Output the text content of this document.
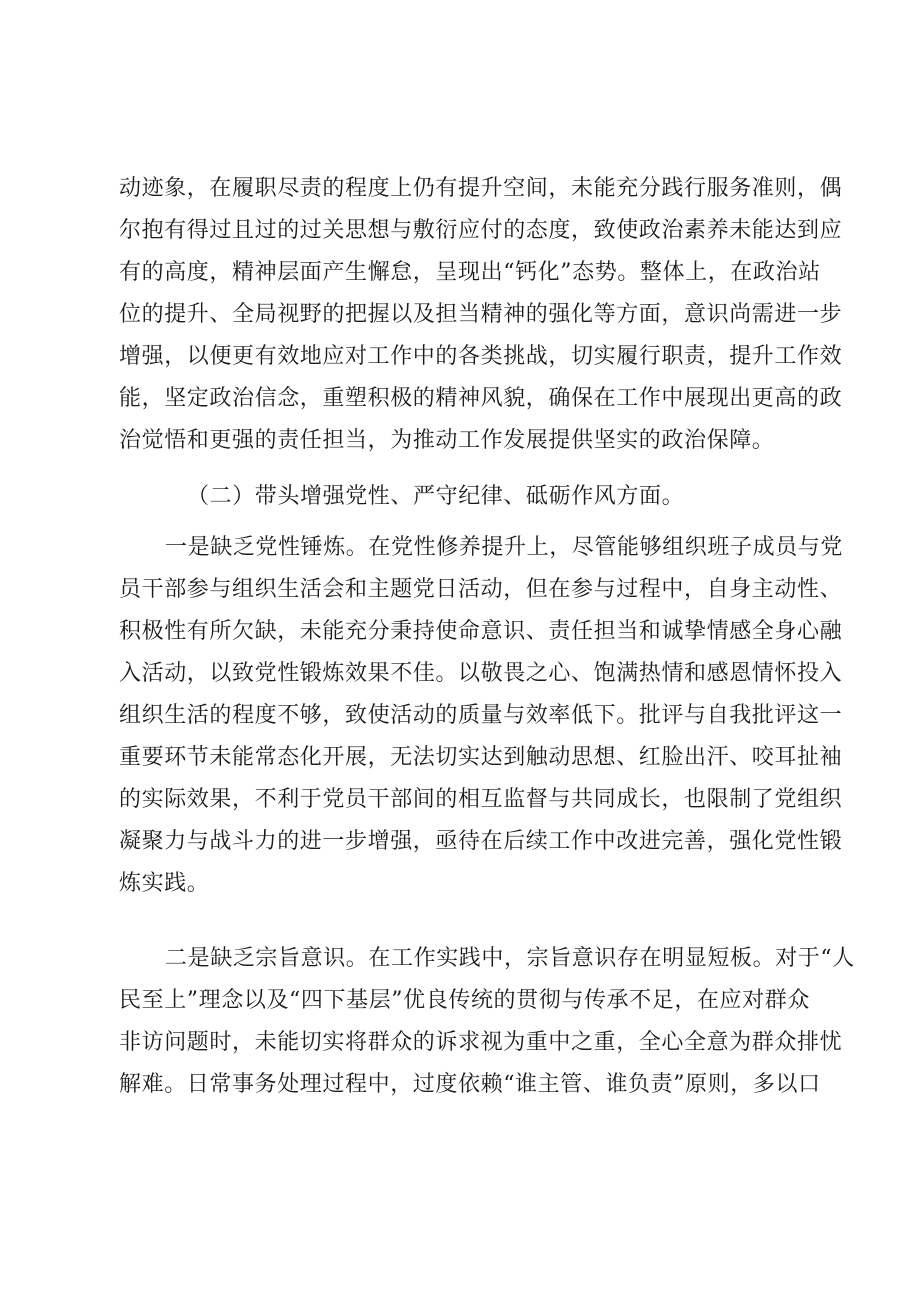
动迹象，在履职尽责的程度上仍有提升空间，未能充分践行服务准则，偶
尔抱有得过且过的过关思想与敷衍应付的态度，致使政治素养未能达到应
有的高度，精神层面产生懈怠，呈现出“钙化”态势。整体上，在政治站
位的提升、全局视野的把握以及担当精神的强化等方面，意识尚需进一步
增强，以便更有效地应对工作中的各类挑战，切实履行职责，提升工作效
能，坚定政治信念，重塑积极的精神风貌，确保在工作中展现出更高的政
治觉悟和更强的责任担当，为推动工作发展提供坚实的政治保障。
（二）带头增强党性、严守纪律、砥砺作风方面。
一是缺乏党性锤炼。在党性修养提升上，尽管能够组织班子成员与党
员干部参与组织生活会和主题党日活动，但在参与过程中，自身主动性、
积极性有所欠缺，未能充分秉持使命意识、责任担当和诚挚情感全身心融
入活动，以致党性锻炼效果不佳。以敬畏之心、饱满热情和感恩情怀投入
组织生活的程度不够，致使活动的质量与效率低下。批评与自我批评这一
重要环节未能常态化开展，无法切实达到触动思想、红脸出汗、咬耳扯袖
的实际效果，不利于党员干部间的相互监督与共同成长，也限制了党组织
凝聚力与战斗力的进一步增强，亟待在后续工作中改进完善，强化党性锻
炼实践。
二是缺乏宗旨意识。在工作实践中，宗旨意识存在明显短板。对于“人
民至上”理念以及“四下基层”优良传统的贯彻与传承不足，在应对群众
非访问题时，未能切实将群众的诉求视为重中之重，全心全意为群众排忧
解难。日常事务处理过程中，过度依赖“谁主管、谁负责”原则，多以口
